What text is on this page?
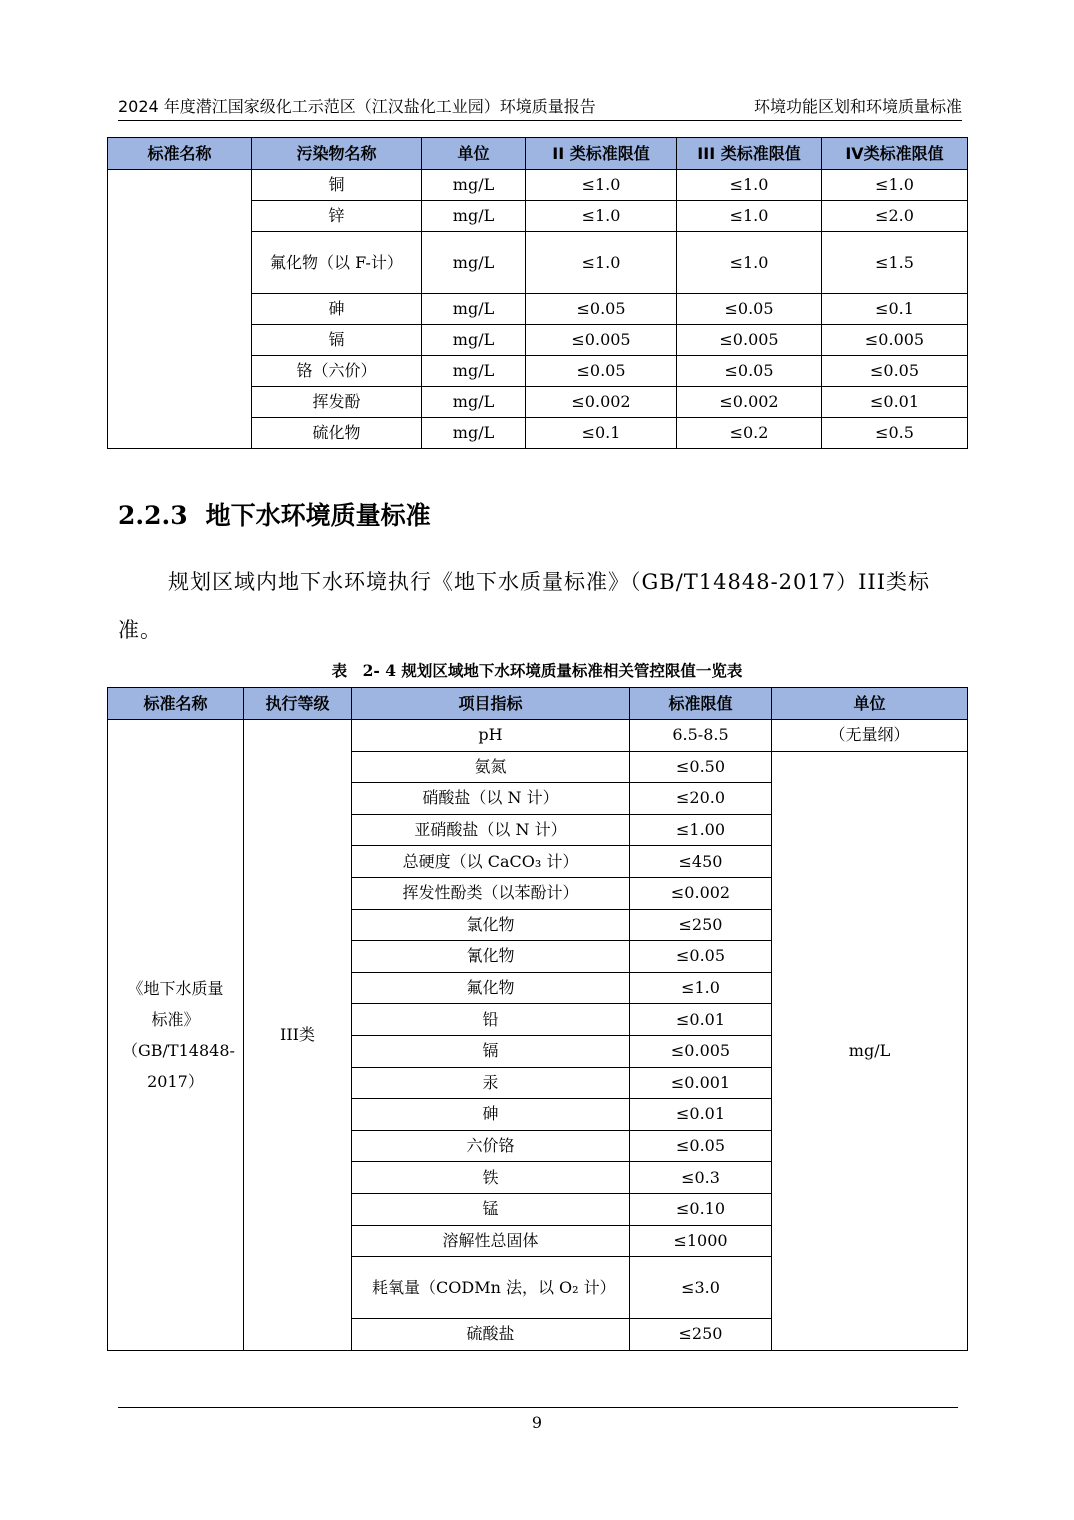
2024 年度潜江国家级化工示范区（江汉盐化工业园）环境质量报告	环境功能区划和环境质量标准
标准名称	污染物名称	单位	II 类标准限值	III 类标准限值	IV类标准限值
	铜	mg/L	≤1.0	≤1.0	≤1.0
	锌	mg/L	≤1.0	≤1.0	≤2.0
	氟化物（以 F-计）	mg/L	≤1.0	≤1.0	≤1.5
	砷	mg/L	≤0.05	≤0.05	≤0.1
	镉	mg/L	≤0.005	≤0.005	≤0.005
	铬（六价）	mg/L	≤0.05	≤0.05	≤0.05
	挥发酚	mg/L	≤0.002	≤0.002	≤0.01
	硫化物	mg/L	≤0.1	≤0.2	≤0.5
2.2.3 地下水环境质量标准
规划区域内地下水环境执行《地下水质量标准》（GB/T14848-2017）III类标准。
表　2- 4 规划区域地下水环境质量标准相关管控限值一览表
标准名称	执行等级	项目指标	标准限值	单位
《地下水质量标准》（GB/T14848-2017）	III类	pH	6.5-8.5	（无量纲）
		氨氮	≤0.50	mg/L
		硝酸盐（以 N 计）	≤20.0	
		亚硝酸盐（以 N 计）	≤1.00	
		总硬度（以 CaCO₃ 计）	≤450	
		挥发性酚类（以苯酚计）	≤0.002	
		氯化物	≤250	
		氰化物	≤0.05	
		氟化物	≤1.0	
		铅	≤0.01	
		镉	≤0.005	
		汞	≤0.001	
		砷	≤0.01	
		六价铬	≤0.05	
		铁	≤0.3	
		锰	≤0.10	
		溶解性总固体	≤1000	
		耗氧量（CODMn 法，以 O₂ 计）	≤3.0	
		硫酸盐	≤250	
9
